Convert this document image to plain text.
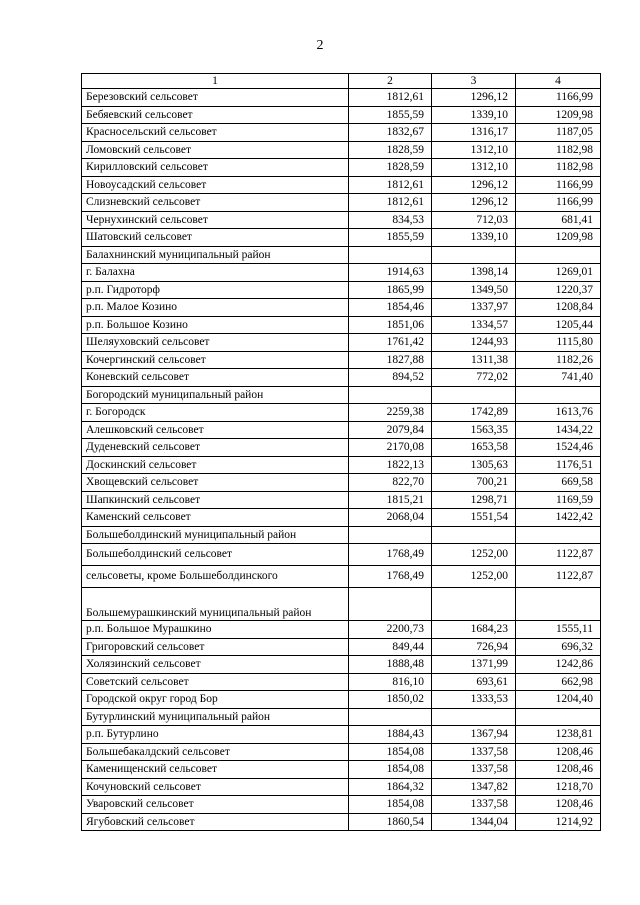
2
1	2	3	4
Березовский сельсовет	1812,61	1296,12	1166,99
Бебяевский сельсовет	1855,59	1339,10	1209,98
Красносельский сельсовет	1832,67	1316,17	1187,05
Ломовский сельсовет	1828,59	1312,10	1182,98
Кирилловский сельсовет	1828,59	1312,10	1182,98
Новоусадский сельсовет	1812,61	1296,12	1166,99
Слизневский сельсовет	1812,61	1296,12	1166,99
Чернухинский сельсовет	834,53	712,03	681,41
Шатовский сельсовет	1855,59	1339,10	1209,98
Балахнинский муниципальный район			
г. Балахна	1914,63	1398,14	1269,01
р.п. Гидроторф	1865,99	1349,50	1220,37
р.п. Малое Козино	1854,46	1337,97	1208,84
р.п. Большое Козино	1851,06	1334,57	1205,44
Шеляуховский сельсовет	1761,42	1244,93	1115,80
Кочергинский сельсовет	1827,88	1311,38	1182,26
Коневский сельсовет	894,52	772,02	741,40
Богородский муниципальный район			
г. Богородск	2259,38	1742,89	1613,76
Алешковский сельсовет	2079,84	1563,35	1434,22
Дуденевский сельсовет	2170,08	1653,58	1524,46
Доскинский сельсовет	1822,13	1305,63	1176,51
Хвощевский сельсовет	822,70	700,21	669,58
Шапкинский сельсовет	1815,21	1298,71	1169,59
Каменский сельсовет	2068,04	1551,54	1422,42
Большеболдинский муниципальный район			
Большеболдинский сельсовет	1768,49	1252,00	1122,87
сельсоветы, кроме Большеболдинского	1768,49	1252,00	1122,87
Большемурашкинский муниципальный район			
р.п. Большое Мурашкино	2200,73	1684,23	1555,11
Григоровский сельсовет	849,44	726,94	696,32
Холязинский сельсовет	1888,48	1371,99	1242,86
Советский сельсовет	816,10	693,61	662,98
Городской округ город Бор	1850,02	1333,53	1204,40
Бутурлинский муниципальный район			
р.п. Бутурлино	1884,43	1367,94	1238,81
Большебакалдский сельсовет	1854,08	1337,58	1208,46
Каменищенский сельсовет	1854,08	1337,58	1208,46
Кочуновский сельсовет	1864,32	1347,82	1218,70
Уваровский сельсовет	1854,08	1337,58	1208,46
Ягубовский сельсовет	1860,54	1344,04	1214,92
